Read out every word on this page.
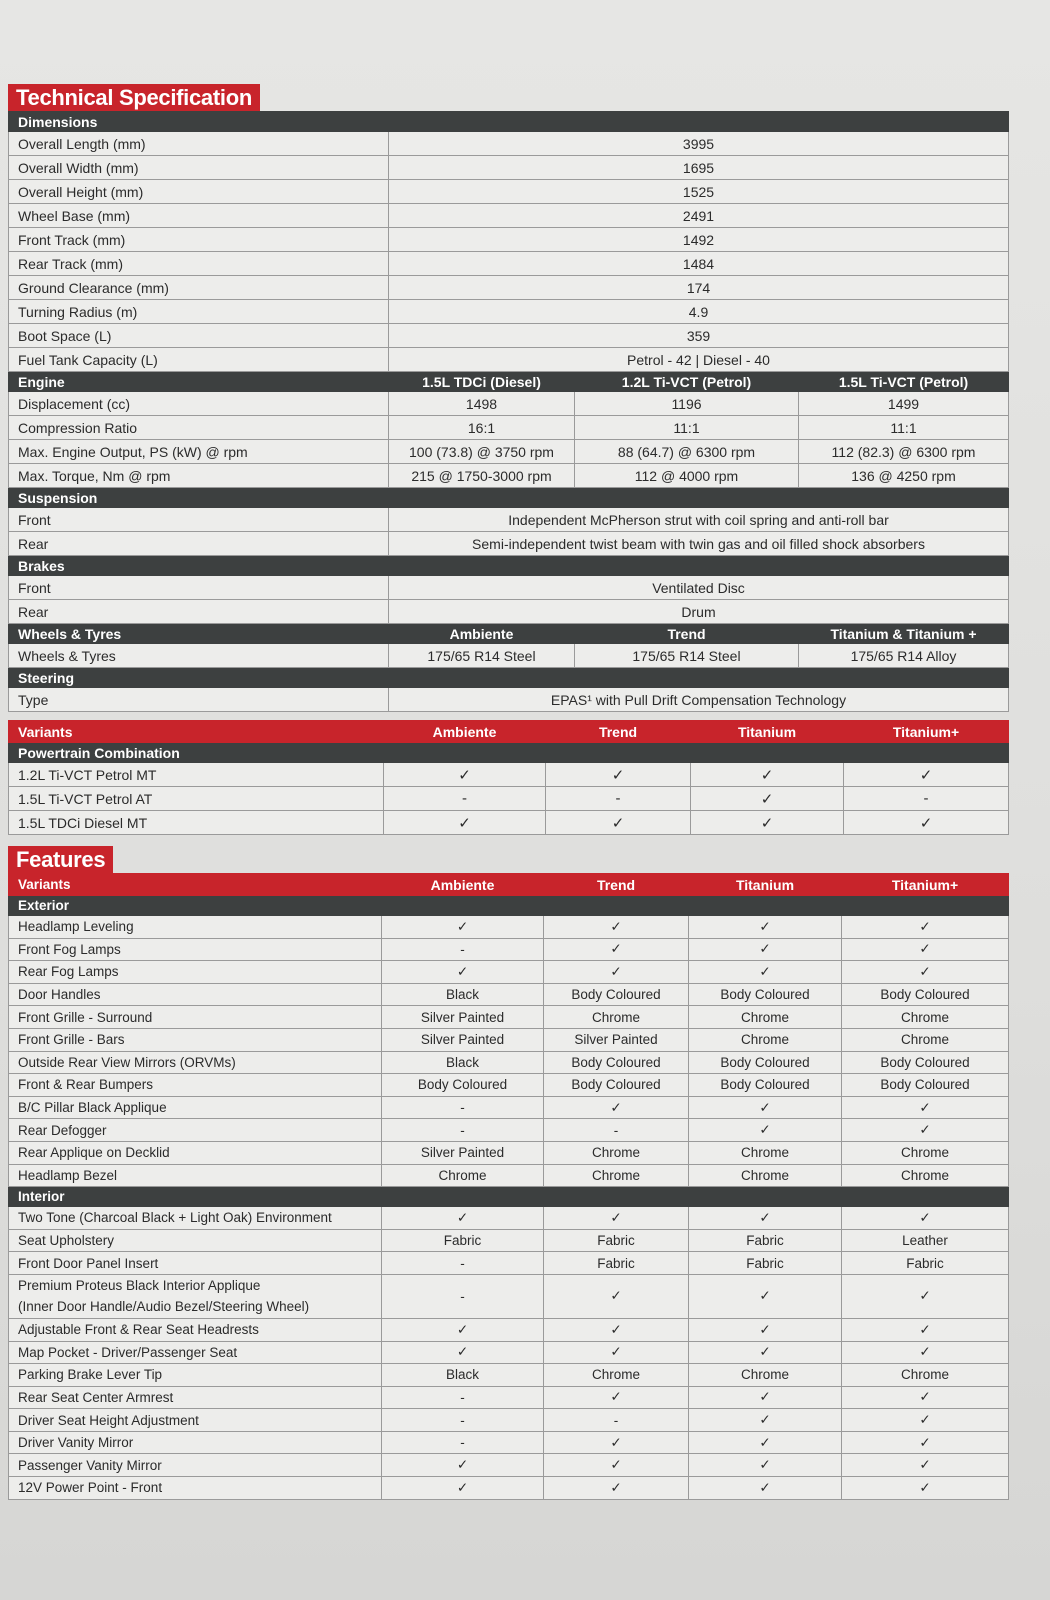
Technical Specification
Dimensions			
Overall Length (mm)	3995		
Overall Width (mm)	1695		
Overall Height (mm)	1525		
Wheel Base (mm)	2491		
Front Track (mm)	1492		
Rear Track (mm)	1484		
Ground Clearance (mm)	174		
Turning Radius (m)	4.9		
Boot Space (L)	359		
Fuel Tank Capacity (L)	Petrol - 42 | Diesel - 40		
Engine	1.5L TDCi (Diesel)	1.2L Ti-VCT (Petrol)	1.5L Ti-VCT (Petrol)
Displacement (cc)	1498	1196	1499
Compression Ratio	16:1	11:1	11:1
Max. Engine Output, PS (kW) @ rpm	100 (73.8) @ 3750 rpm	88 (64.7) @ 6300 rpm	112 (82.3) @ 6300 rpm
Max. Torque, Nm @ rpm	215 @ 1750-3000 rpm	112 @ 4000 rpm	136 @ 4250 rpm
Suspension			
Front	Independent McPherson strut with coil spring and anti-roll bar		
Rear	Semi-independent twist beam with twin gas and oil filled shock absorbers		
Brakes			
Front	Ventilated Disc		
Rear	Drum		
Wheels & Tyres	Ambiente	Trend	Titanium & Titanium +
Wheels & Tyres	175/65 R14 Steel	175/65 R14 Steel	175/65 R14 Alloy
Steering			
Type	EPAS¹ with Pull Drift Compensation Technology		
Variants	Ambiente	Trend	Titanium	Titanium+
Powertrain Combination				
1.2L Ti-VCT Petrol MT	✓	✓	✓	✓
1.5L Ti-VCT Petrol AT	-	-	✓	-
1.5L TDCi Diesel MT	✓	✓	✓	✓
Features
Variants	Ambiente	Trend	Titanium	Titanium+
Exterior				

Headlamp Leveling	✓	✓	✓	✓

Front Fog Lamps	-	✓	✓	✓

Rear Fog Lamps	✓	✓	✓	✓

Door Handles	Black	Body Coloured	Body Coloured	Body Coloured

Front Grille - Surround	Silver Painted	Chrome	Chrome	Chrome

Front Grille - Bars	Silver Painted	Silver Painted	Chrome	Chrome

Outside Rear View Mirrors (ORVMs)	Black	Body Coloured	Body Coloured	Body Coloured

Front & Rear Bumpers	Body Coloured	Body Coloured	Body Coloured	Body Coloured

B/C Pillar Black Applique	-	✓	✓	✓

Rear Defogger	-	-	✓	✓

Rear Applique on Decklid	Silver Painted	Chrome	Chrome	Chrome

Headlamp Bezel	Chrome	Chrome	Chrome	Chrome
Interior				

Two Tone (Charcoal Black + Light Oak) Environment	✓	✓	✓	✓

Seat Upholstery	Fabric	Fabric	Fabric	Leather

Front Door Panel Insert	-	Fabric	Fabric	Fabric

Premium Proteus Black Interior Applique
(Inner Door Handle/Audio Bezel/Steering Wheel)	-	✓	✓	✓

Adjustable Front & Rear Seat Headrests	✓	✓	✓	✓

Map Pocket - Driver/Passenger Seat	✓	✓	✓	✓

Parking Brake Lever Tip	Black	Chrome	Chrome	Chrome

Rear Seat Center Armrest	-	✓	✓	✓

Driver Seat Height Adjustment	-	-	✓	✓

Driver Vanity Mirror	-	✓	✓	✓

Passenger Vanity Mirror	✓	✓	✓	✓

12V Power Point - Front	✓	✓	✓	✓
